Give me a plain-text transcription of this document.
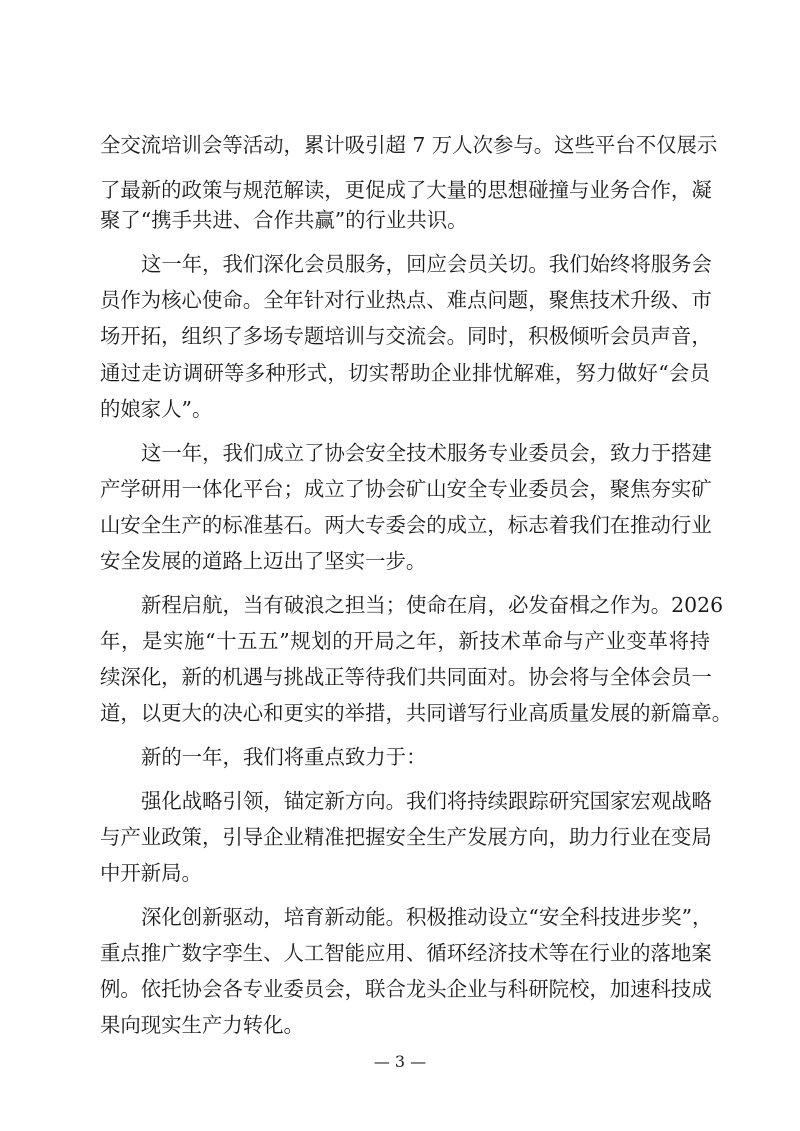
全交流培训会等活动，累计吸引超 7 万人次参与。这些平台不仅展示
了最新的政策与规范解读，更促成了大量的思想碰撞与业务合作，凝
聚了“携手共进、合作共赢”的行业共识。
这一年，我们深化会员服务，回应会员关切。我们始终将服务会
员作为核心使命。全年针对行业热点、难点问题，聚焦技术升级、市
场开拓，组织了多场专题培训与交流会。同时，积极倾听会员声音，
通过走访调研等多种形式，切实帮助企业排忧解难，努力做好“会员
的娘家人”。
这一年，我们成立了协会安全技术服务专业委员会，致力于搭建
产学研用一体化平台；成立了协会矿山安全专业委员会，聚焦夯实矿
山安全生产的标准基石。两大专委会的成立，标志着我们在推动行业
安全发展的道路上迈出了坚实一步。
新程启航，当有破浪之担当；使命在肩，必发奋楫之作为。2026
年，是实施“十五五”规划的开局之年，新技术革命与产业变革将持
续深化，新的机遇与挑战正等待我们共同面对。协会将与全体会员一
道，以更大的决心和更实的举措，共同谱写行业高质量发展的新篇章。
新的一年，我们将重点致力于：
强化战略引领，锚定新方向。我们将持续跟踪研究国家宏观战略
与产业政策，引导企业精准把握安全生产发展方向，助力行业在变局
中开新局。
深化创新驱动，培育新动能。积极推动设立“安全科技进步奖”，
重点推广数字孪生、人工智能应用、循环经济技术等在行业的落地案
例。依托协会各专业委员会，联合龙头企业与科研院校，加速科技成
果向现实生产力转化。
— 3 —
